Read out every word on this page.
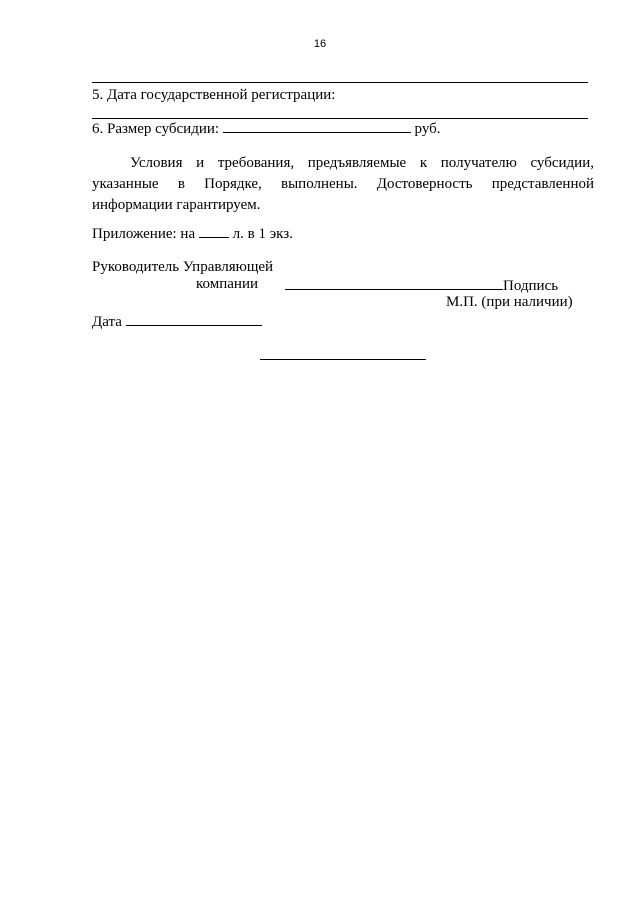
16
5. Дата государственной регистрации:
6. Размер субсидии:	руб.
Условия и требования, предъявляемые к получателю субсидии,
указанные в Порядке, выполнены. Достоверность представленной
информации гарантируем.
Приложение: на	л. в 1 экз.
Руководитель Управляющей
компании	Подпись
М.П. (при наличии)
Дата
